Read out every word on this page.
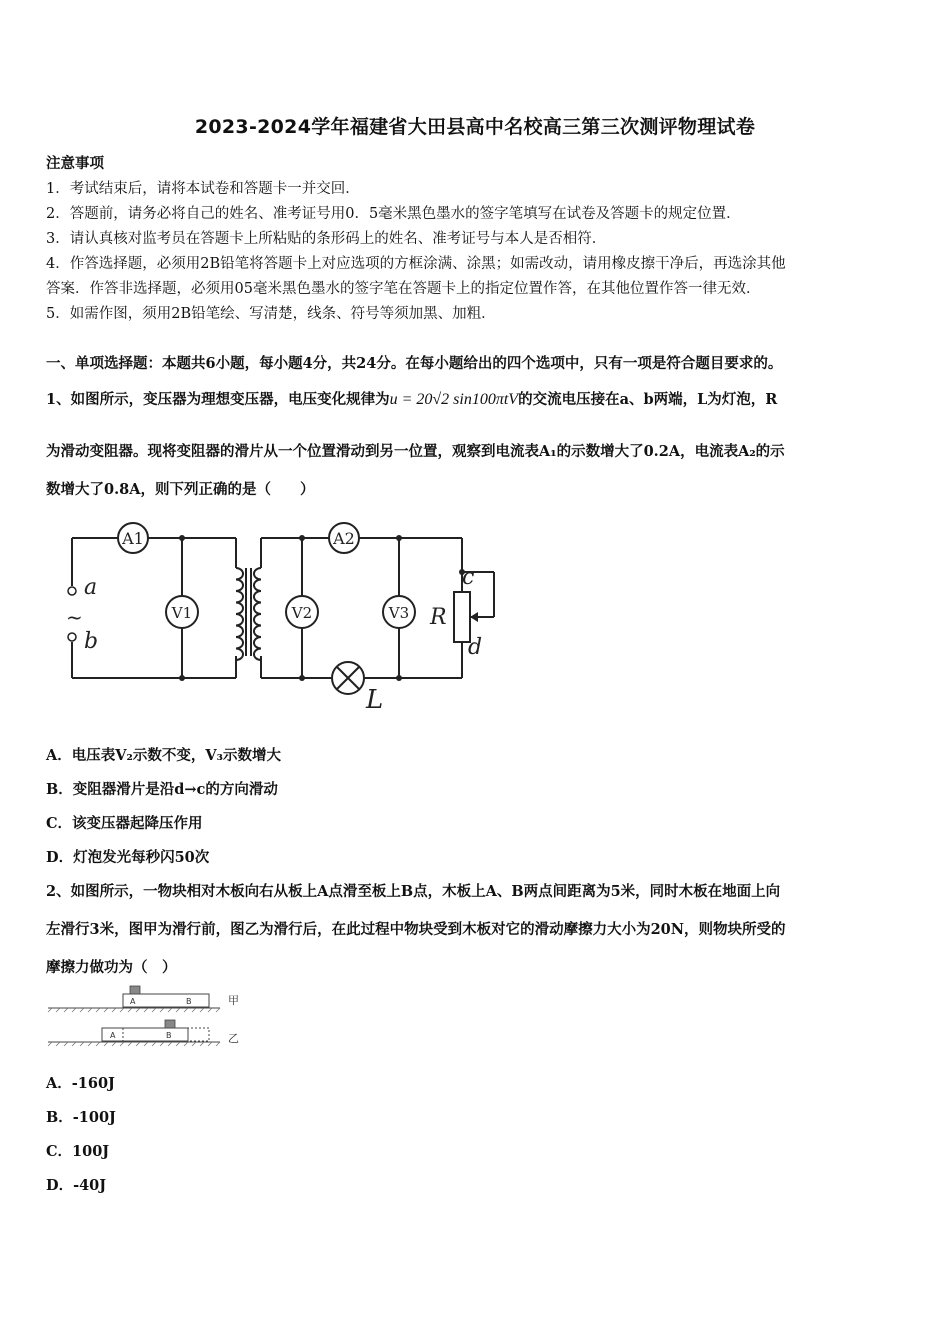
2023-2024学年福建省大田县高中名校高三第三次测评物理试卷
注意事项
1．考试结束后，请将本试卷和答题卡一并交回．
2．答题前，请务必将自己的姓名、准考证号用0．5毫米黑色墨水的签字笔填写在试卷及答题卡的规定位置．
3．请认真核对监考员在答题卡上所粘贴的条形码上的姓名、准考证号与本人是否相符．
4．作答选择题，必须用2B铅笔将答题卡上对应选项的方框涂满、涂黑；如需改动，请用橡皮擦干净后，再选涂其他
答案．作答非选择题，必须用05毫米黑色墨水的签字笔在答题卡上的指定位置作答，在其他位置作答一律无效．
5．如需作图，须用2B铅笔绘、写清楚，线条、符号等须加黑、加粗．
一、单项选择题：本题共6小题，每小题4分，共24分。在每小题给出的四个选项中，只有一项是符合题目要求的。
1、如图所示，变压器为理想变压器，电压变化规律为u = 20√2 sin100πtV的交流电压接在a、b两端，L为灯泡，R
为滑动变阻器。现将变阻器的滑片从一个位置滑动到另一位置，观察到电流表A₁的示数增大了0.2A，电流表A₂的示
数增大了0.8A，则下列正确的是（　　）
A1	A2
V1	V2	V3
a
b
~
c
d
R
L
A．电压表V₂示数不变，V₃示数增大
B．变阻器滑片是沿d→c的方向滑动
C．该变压器起降压作用
D．灯泡发光每秒闪50次
2、如图所示，一物块相对木板向右从板上A点滑至板上B点，木板上A、B两点间距离为5米，同时木板在地面上向
左滑行3米，图甲为滑行前，图乙为滑行后，在此过程中物块受到木板对它的滑动摩擦力大小为20N，则物块所受的
摩擦力做功为（　）
A	B
A	B
甲
乙
A．-160J
B．-100J
C．100J
D．-40J
